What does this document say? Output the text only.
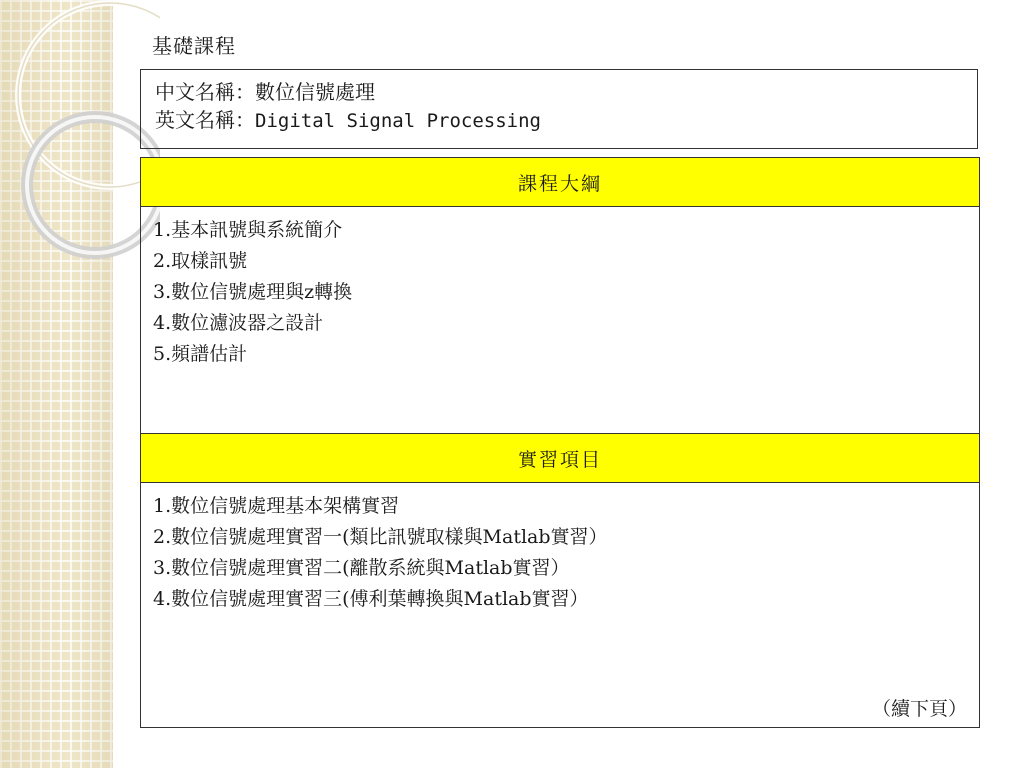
基礎課程
中文名稱：數位信號處理
英文名稱：Digital Signal Processing
課程大綱

1.基本訊號與系統簡介
2.取樣訊號
3.數位信號處理與z轉換
4.數位濾波器之設計
5.頻譜估計

實習項目

1.數位信號處理基本架構實習
2.數位信號處理實習一(類比訊號取樣與Matlab實習）
3.數位信號處理實習二(離散系統與Matlab實習）
4.數位信號處理實習三(傅利葉轉換與Matlab實習）
（續下頁）
